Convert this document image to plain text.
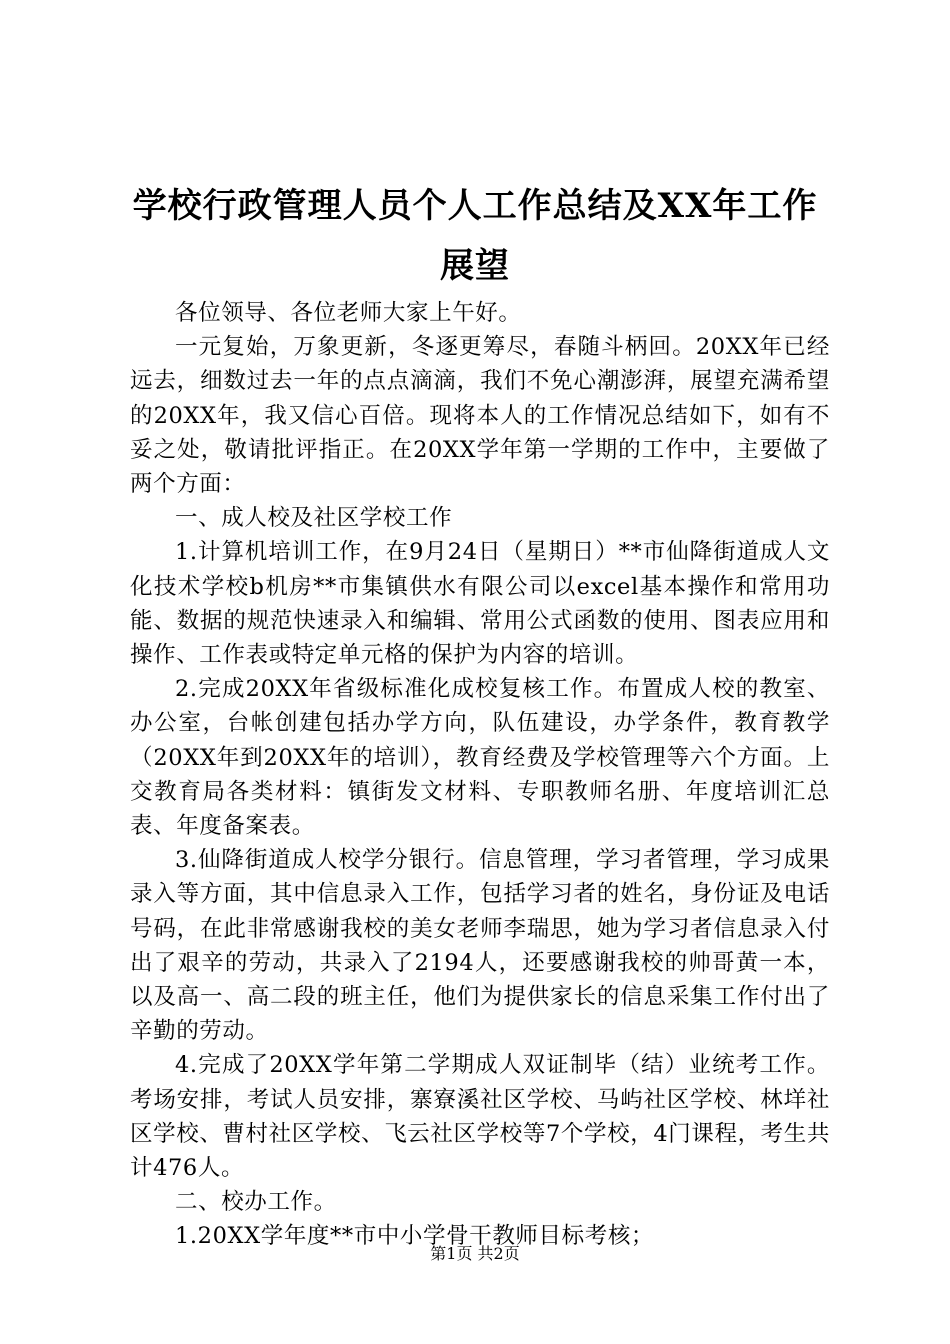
学校行政管理人员个人工作总结及XX年工作
展望

各位领导、各位老师大家上午好。

一元复始，万象更新，冬逐更筹尽，春随斗柄回。20XX年已经远去，细数过去一年的点点滴滴，我们不免心潮澎湃，展望充满希望的20XX年，我又信心百倍。现将本人的工作情况总结如下，如有不妥之处，敬请批评指正。在20XX学年第一学期的工作中，主要做了两个方面：

一、成人校及社区学校工作

1.计算机培训工作，在9月24日（星期日）**市仙降街道成人文化技术学校b机房**市集镇供水有限公司以excel基本操作和常用功能、数据的规范快速录入和编辑、常用公式函数的使用、图表应用和操作、工作表或特定单元格的保护为内容的培训。

2.完成20XX年省级标准化成校复核工作。布置成人校的教室、办公室，台帐创建包括办学方向，队伍建设，办学条件，教育教学（20XX年到20XX年的培训），教育经费及学校管理等六个方面。上交教育局各类材料：镇街发文材料、专职教师名册、年度培训汇总表、年度备案表。

3.仙降街道成人校学分银行。信息管理，学习者管理，学习成果录入等方面，其中信息录入工作，包括学习者的姓名，身份证及电话号码，在此非常感谢我校的美女老师李瑞思，她为学习者信息录入付出了艰辛的劳动，共录入了2194人，还要感谢我校的帅哥黄一本，以及高一、高二段的班主任，他们为提供家长的信息采集工作付出了辛勤的劳动。

4.完成了20XX学年第二学期成人双证制毕（结）业统考工作。考场安排，考试人员安排，寨寮溪社区学校、马屿社区学校、林垟社区学校、曹村社区学校、飞云社区学校等7个学校，4门课程，考生共计476人。

二、校办工作。

1.20XX学年度**市中小学骨干教师目标考核；

第1页 共2页
